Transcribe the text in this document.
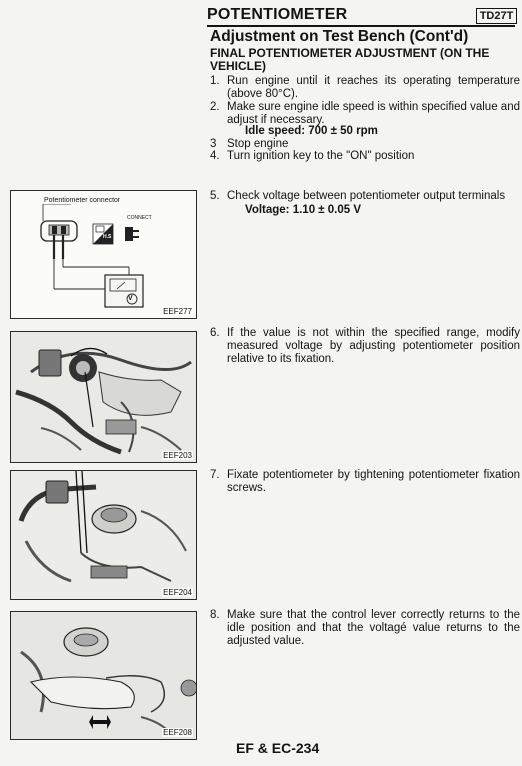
POTENTIOMETER	TD27T
Adjustment on Test Bench (Cont'd)
FINAL POTENTIOMETER ADJUSTMENT (ON THE VEHICLE)
1. Run engine until it reaches its operating temperature (above 80°C).
2. Make sure engine idle speed is within specified value and adjust if necessary.
Idle speed: 700 ± 50 rpm
3 Stop engine
4. Turn ignition key to the "ON" position
5. Check voltage between potentiometer output terminals
Voltage: 1.10 ± 0.05 V
6. If the value is not within the specified range, modify measured voltage by adjusting potentiometer position relative to its fixation.
7. Fixate potentiometer by tightening potentiometer fixation screws.
8. Make sure that the control lever correctly returns to the idle position and that the voltagé value returns to the adjusted value.
Potentiometer connector
CONNECT
H.S
V
EEF277
EEF203
EEF204
EEF208
EF & EC-234
